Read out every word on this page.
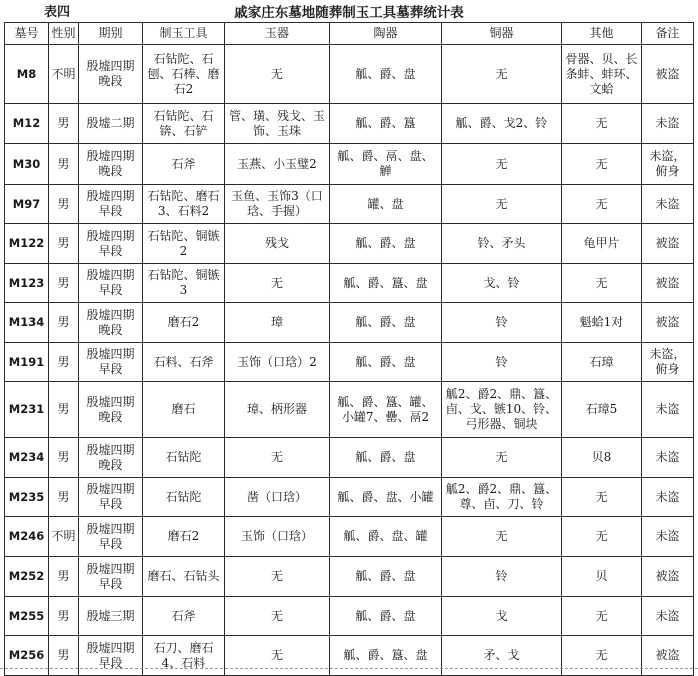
表四	戚家庄东墓地随葬制玉工具墓葬统计表
墓号	性别	期别	制玉工具	玉器	陶器	铜器	其他	备注
M8	不明	殷墟四期晚段	石钻陀、石刨、石棒、磨石2	无	觚、爵、盘	无	骨器、贝、长条蚌、蚌环、文蛤	被盗
M12	男	殷墟二期	石钻陀、石锛、石铲	管、璜、残戈、玉饰、玉珠	觚、爵、簋	觚、爵、戈2、铃	无	未盗
M30	男	殷墟四期晚段	石斧	玉燕、小玉璧2	觚、爵、鬲、盘、觯	无	无	未盗，俯身
M97	男	殷墟四期早段	石钻陀、磨石3、石料2	玉鱼、玉饰3（口琀、手握）	罐、盘	无	无	未盗
M122	男	殷墟四期早段	石钻陀、铜镞2	残戈	觚、爵、盘	铃、矛头	龟甲片	被盗
M123	男	殷墟四期早段	石钻陀、铜镞3	无	觚、爵、簋、盘	戈、铃	无	被盗
M134	男	殷墟四期晚段	磨石2	璋	觚、爵、盘	铃	魁蛤1对	被盗
M191	男	殷墟四期早段	石料、石斧	玉饰（口琀）2	觚、爵、盘	铃	石璋	未盗，俯身
M231	男	殷墟四期晚段	磨石	璋、柄形器	觚、爵、簋、罐、小罐7、罍、鬲2	觚2、爵2、鼎、簋、卣、戈、镞10、铃、弓形器、铜块	石璋5	未盗
M234	男	殷墟四期晚段	石钻陀	无	觚、爵、盘	无	贝8	未盗
M235	男	殷墟四期早段	石钻陀	凿（口琀）	觚、爵、盘、小罐	觚2、爵2、鼎、簋、尊、卣、刀、铃	无	未盗
M246	不明	殷墟四期早段	磨石2	玉饰（口琀）	觚、爵、盘、罐	无	无	未盗
M252	男	殷墟四期早段	磨石、石钻头	无	觚、爵、盘	铃	贝	被盗
M255	男	殷墟三期	石斧	无	觚、爵、盘	戈	无	未盗
M256	男	殷墟四期早段	石刀、磨石4、石料	无	觚、爵、簋、盘	矛、戈	无	被盗
